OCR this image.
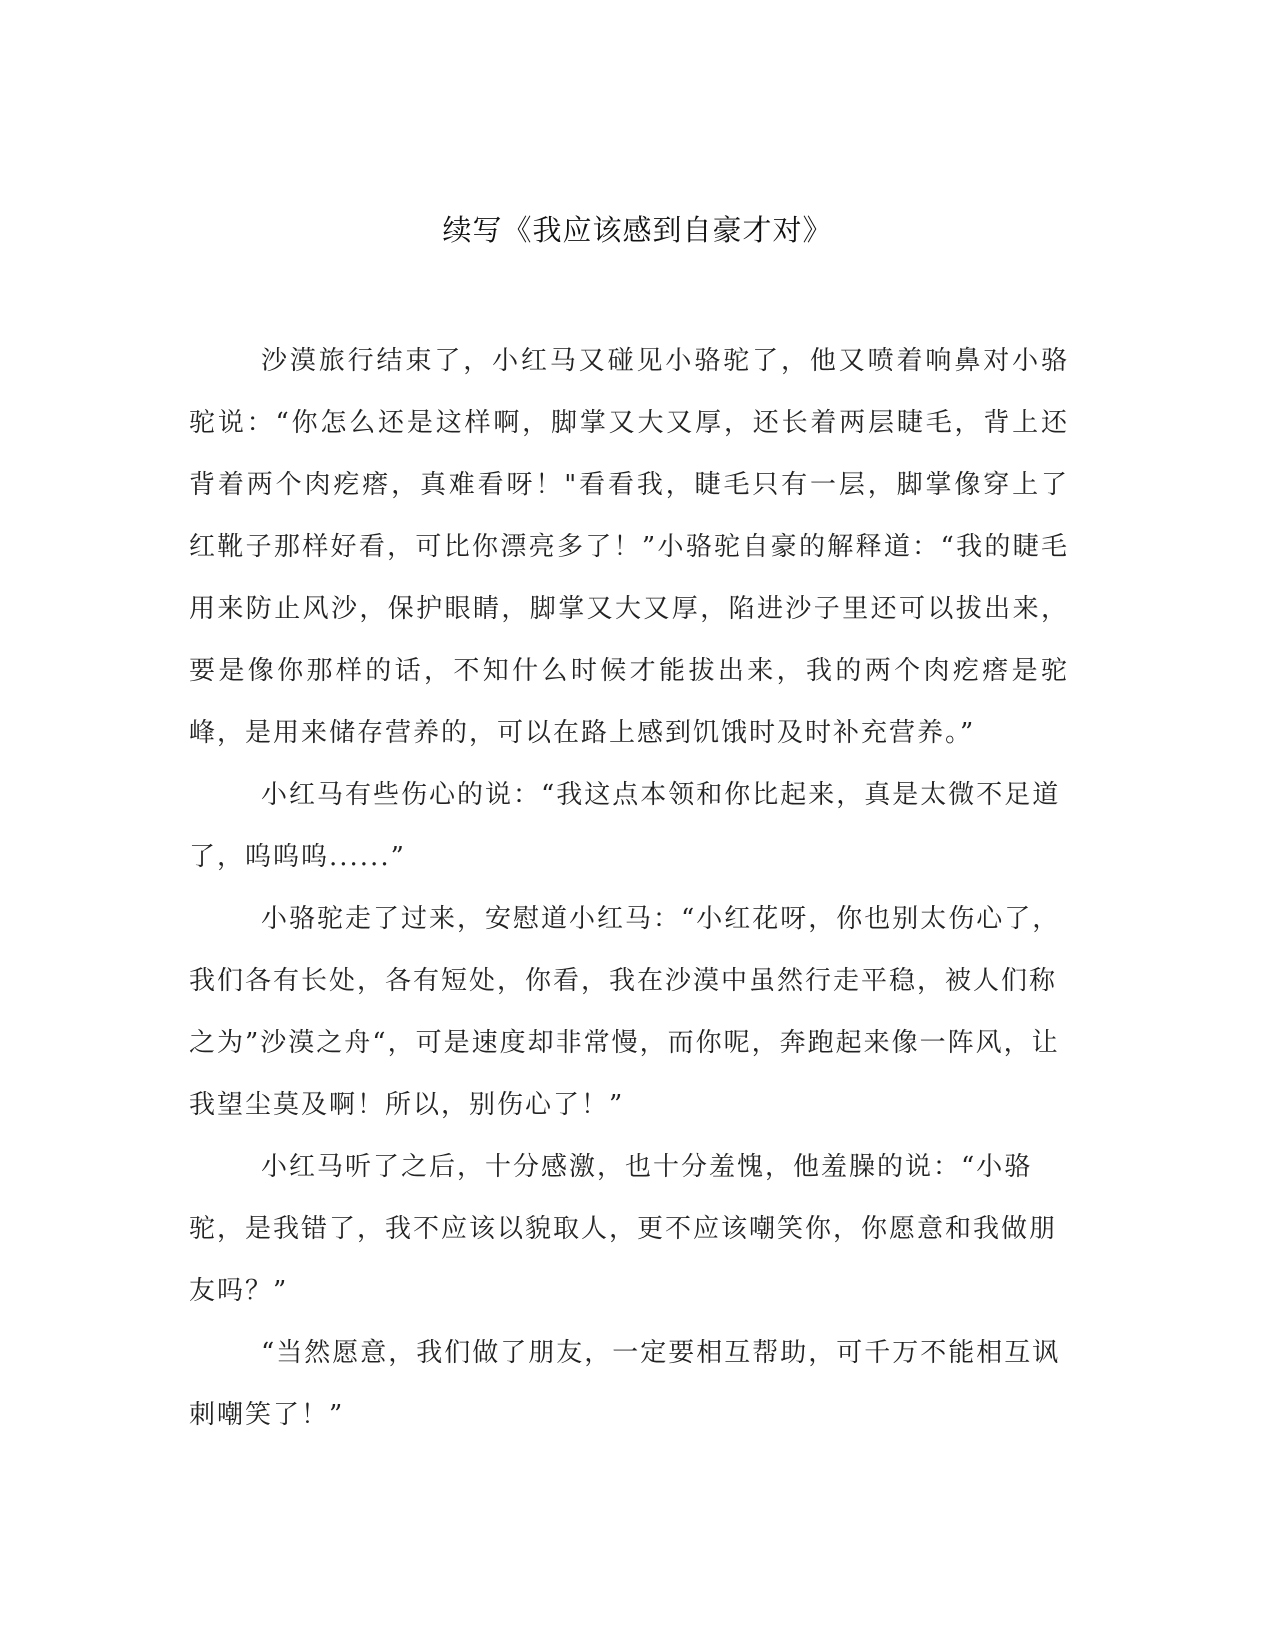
续写《我应该感到自豪才对》

沙漠旅行结束了，小红马又碰见小骆驼了，他又喷着响鼻对小骆驼说：“你怎么还是这样啊，脚掌又大又厚，还长着两层睫毛，背上还背着两个肉疙瘩，真难看呀！"看看我，睫毛只有一层，脚掌像穿上了红靴子那样好看，可比你漂亮多了！”小骆驼自豪的解释道：“我的睫毛用来防止风沙，保护眼睛，脚掌又大又厚，陷进沙子里还可以拔出来，要是像你那样的话，不知什么时候才能拔出来，我的两个肉疙瘩是驼峰，是用来储存营养的，可以在路上感到饥饿时及时补充营养。”

小红马有些伤心的说：“我这点本领和你比起来，真是太微不足道了，呜呜呜......”

小骆驼走了过来，安慰道小红马：“小红花呀，你也别太伤心了，我们各有长处，各有短处，你看，我在沙漠中虽然行走平稳，被人们称之为”沙漠之舟“，可是速度却非常慢，而你呢，奔跑起来像一阵风，让我望尘莫及啊！所以，别伤心了！”

小红马听了之后，十分感激，也十分羞愧，他羞臊的说：“小骆驼，是我错了，我不应该以貌取人，更不应该嘲笑你，你愿意和我做朋友吗？”

“当然愿意，我们做了朋友，一定要相互帮助，可千万不能相互讽刺嘲笑了！”
